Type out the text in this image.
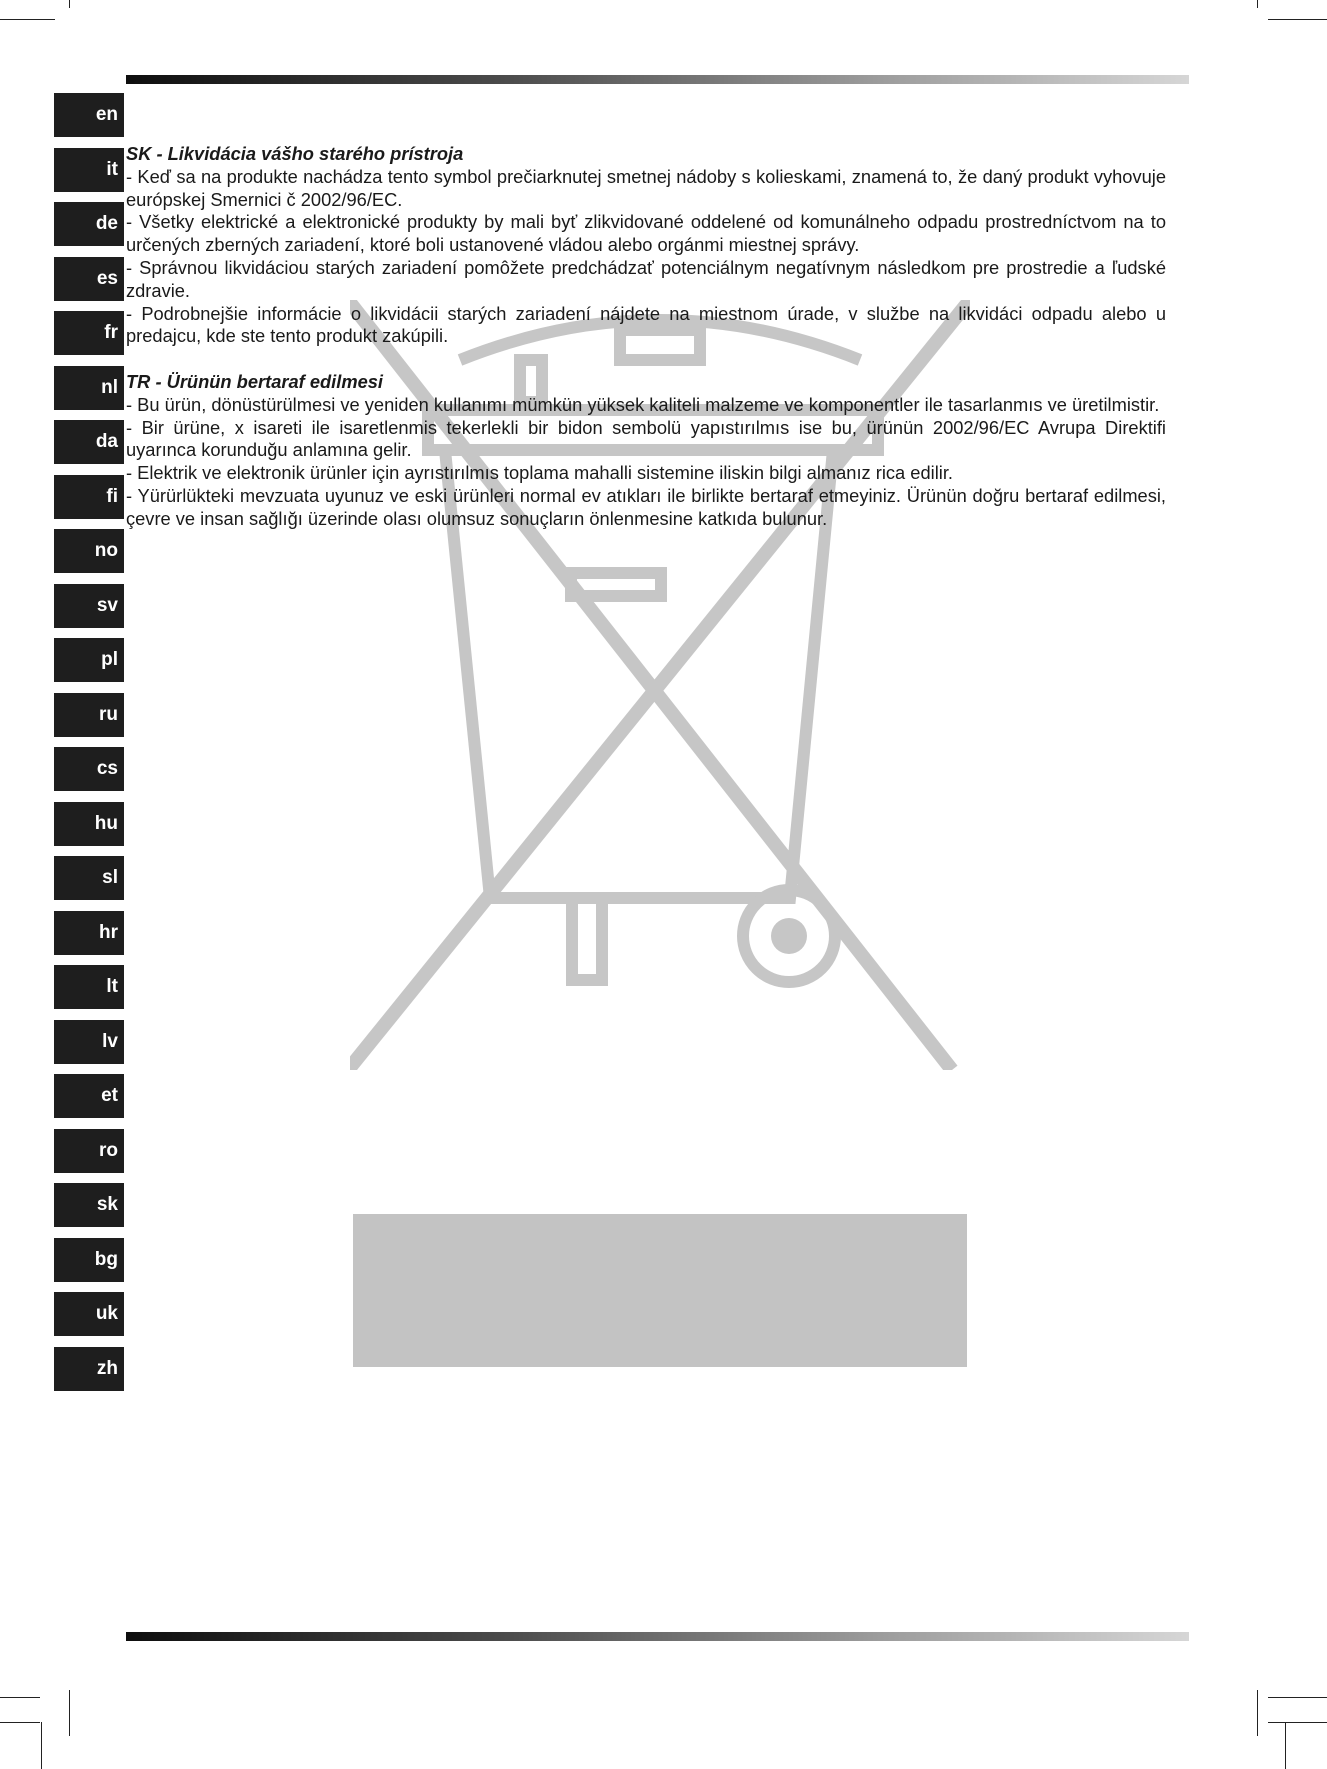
en
it
de
es
fr
nl
da
fi
no
sv
pl
ru
cs
hu
sl
hr
lt
lv
et
ro
sk
bg
uk
zh
SK - Likvidácia vášho starého prístroja

- Keď sa na produkte nachádza tento symbol prečiarknutej smetnej nádoby s kolieskami, znamená to, že daný produkt vyhovuje európskej Smernici č 2002/96/EC.

- Všetky elektrické a elektronické produkty by mali byť zlikvidované oddelené od komunálneho odpadu prostredníctvom na to určených zberných zariadení, ktoré boli ustanovené vládou alebo orgánmi miestnej správy.

- Správnou likvidáciou starých zariadení pomôžete predchádzať potenciálnym negatívnym následkom pre prostredie a ľudské zdravie.

- Podrobnejšie informácie o likvidácii starých zariadení nájdete na miestnom úrade, v službe na likvidáci odpadu alebo u predajcu, kde ste tento produkt zakúpili.

TR - Ürünün bertaraf edilmesi

- Bu ürün, dönüstürülmesi ve yeniden kullanımı mümkün yüksek kaliteli malzeme ve komponentler ile tasarlanmıs ve üretilmistir.

- Bir ürüne, x isareti ile isaretlenmis tekerlekli bir bidon sembolü yapıstırılmıs ise bu, ürünün 2002/96/EC Avrupa Direktifi uyarınca korunduğu anlamına gelir.

- Elektrik ve elektronik ürünler için ayrıstırılmıs toplama mahalli sistemine iliskin bilgi almanız rica edilir.

- Yürürlükteki mevzuata uyunuz ve eski ürünleri normal ev atıkları ile birlikte bertaraf etmeyiniz. Ürünün doğru bertaraf edilmesi, çevre ve insan sağlığı üzerinde olası olumsuz sonuçların önlenmesine katkıda bulunur.
